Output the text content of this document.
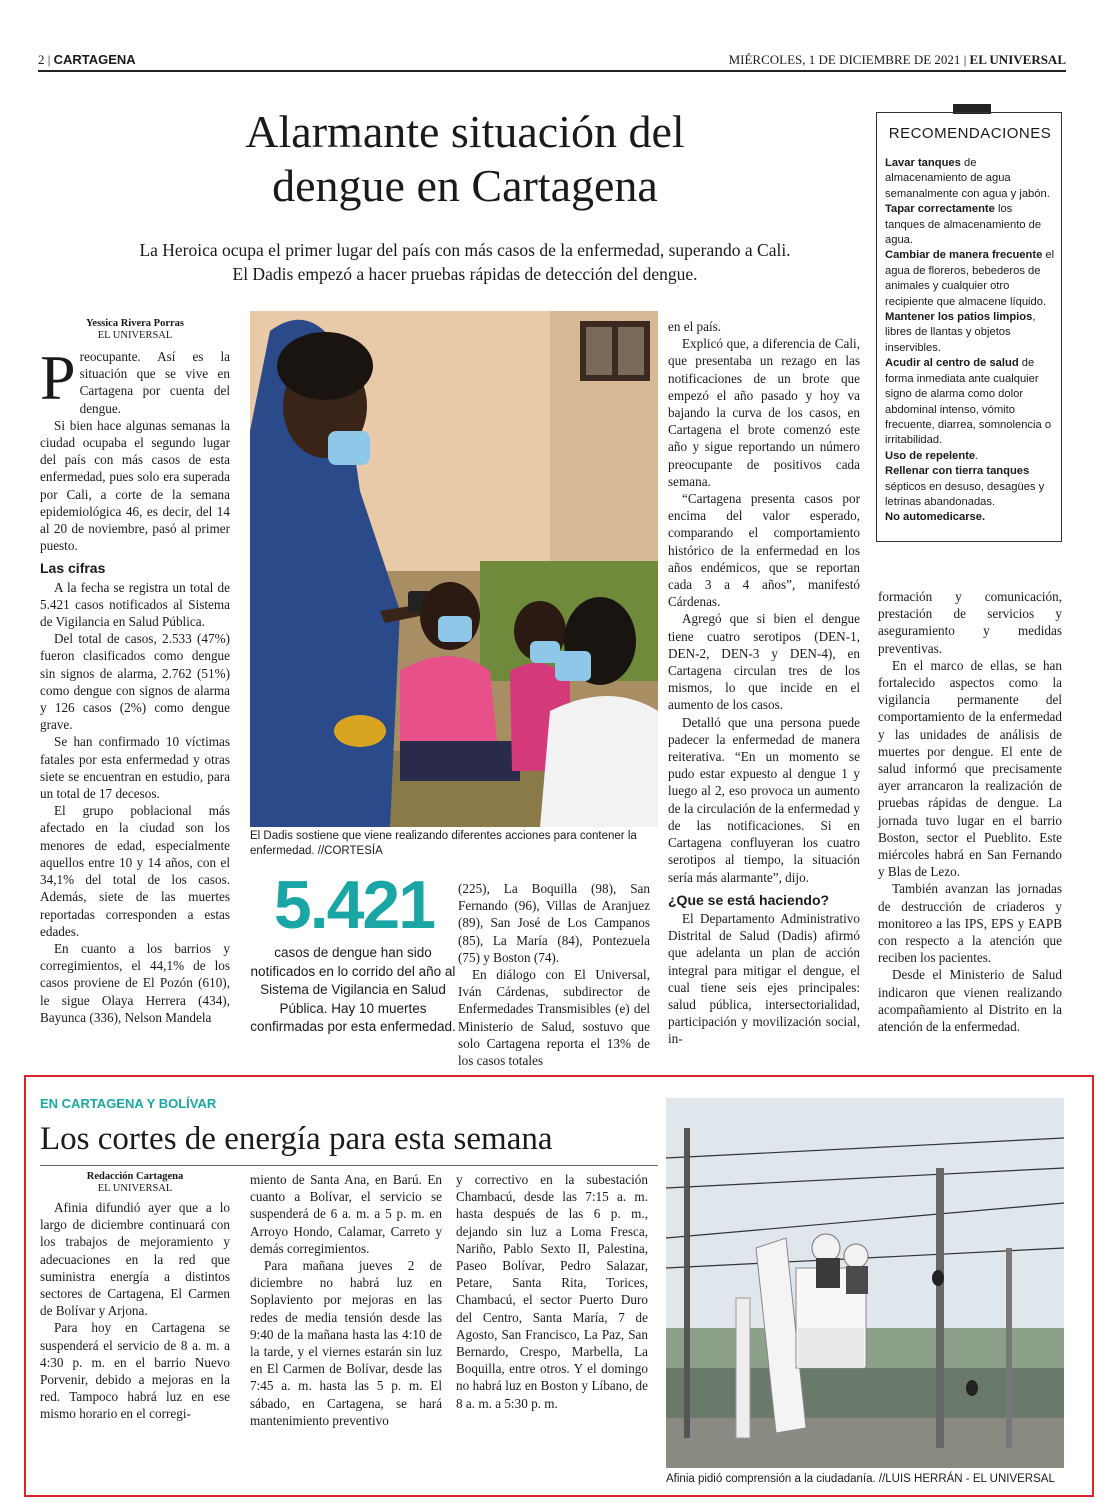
2 | CARTAGENA	MIÉRCOLES, 1 DE DICIEMBRE DE 2021 | EL UNIVERSAL
Alarmante situación del
dengue en Cartagena
La Heroica ocupa el primer lugar del país con más casos de la enfermedad, superando a Cali.
El Dadis empezó a hacer pruebas rápidas de detección del dengue.
Yessica Rivera Porras
EL UNIVERSAL

Preocupante. Así es la situación que se vive en Cartagena por cuenta del dengue.

Si bien hace algunas semanas la ciudad ocupaba el segundo lugar del país con más casos de esta enfermedad, pues solo era superada por Cali, a corte de la semana epidemiológica 46, es decir, del 14 al 20 de noviembre, pasó al primer puesto.

Las cifras

A la fecha se registra un total de 5.421 casos notificados al Sistema de Vigilancia en Salud Pública.

Del total de casos, 2.533 (47%) fueron clasificados como dengue sin signos de alarma, 2.762 (51%) como dengue con signos de alarma y 126 casos (2%) como dengue grave.

Se han confirmado 10 víctimas fatales por esta enfermedad y otras siete se encuentran en estudio, para un total de 17 decesos.

El grupo poblacional más afectado en la ciudad son los menores de edad, especialmente aquellos entre 10 y 14 años, con el 34,1% del total de los casos. Además, siete de las muertes reportadas corresponden a estas edades.

En cuanto a los barrios y corregimientos, el 44,1% de los casos proviene de El Pozón (610), le sigue Olaya Herrera (434), Bayunca (336), Nelson Mandela

El Dadis sostiene que viene realizando diferentes acciones para contener la enfermedad. //CORTESÍA
5.421
casos de dengue han sido notificados en lo corrido del año al Sistema de Vigilancia en Salud Pública. Hay 10 muertes confirmadas por esta enfermedad.

(225), La Boquilla (98), San Fernando (96), Villas de Aranjuez (89), San José de Los Campanos (85), La María (84), Pontezuela (75) y Boston (74).

En diálogo con El Universal, Iván Cárdenas, subdirector de Enfermedades Transmisibles (e) del Ministerio de Salud, sostuvo que solo Cartagena reporta el 13% de los casos totales

en el país.

Explicó que, a diferencia de Cali, que presentaba un rezago en las notificaciones de un brote que empezó el año pasado y hoy va bajando la curva de los casos, en Cartagena el brote comenzó este año y sigue reportando un número preocupante de positivos cada semana.

“Cartagena presenta casos por encima del valor esperado, comparando el comportamiento histórico de la enfermedad en los años endémicos, que se reportan cada 3 a 4 años”, manifestó Cárdenas.

Agregó que si bien el dengue tiene cuatro serotipos (DEN-1, DEN-2, DEN-3 y DEN-4), en Cartagena circulan tres de los mismos, lo que incide en el aumento de los casos.

Detalló que una persona puede padecer la enfermedad de manera reiterativa. “En un momento se pudo estar expuesto al dengue 1 y luego al 2, eso provoca un aumento de la circulación de la enfermedad y de las notificaciones. Si en Cartagena confluyeran los cuatro serotipos al tiempo, la situación sería más alarmante”, dijo.

¿Que se está haciendo?

El Departamento Administrativo Distrital de Salud (Dadis) afirmó que adelanta un plan de acción integral para mitigar el dengue, el cual tiene seis ejes principales: salud pública, intersectorialidad, participación y movilización social, in-

RECOMENDACIONES
Lavar tanques de almacenamiento de agua semanalmente con agua y jabón.
Tapar correctamente los tanques de almacenamiento de agua.
Cambiar de manera frecuente el agua de floreros, bebederos de animales y cualquier otro recipiente que almacene líquido.
Mantener los patios limpios, libres de llantas y objetos inservibles.
Acudir al centro de salud de forma inmediata ante cualquier signo de alarma como dolor abdominal intenso, vómito frecuente, diarrea, somnolencia o irritabilidad.
Uso de repelente.
Rellenar con tierra tanques sépticos en desuso, desagües y letrinas abandonadas.
No automedicarse.

formación y comunicación, prestación de servicios y aseguramiento y medidas preventivas.

En el marco de ellas, se han fortalecido aspectos como la vigilancia permanente del comportamiento de la enfermedad y las unidades de análisis de muertes por dengue. El ente de salud informó que precisamente ayer arrancaron la realización de pruebas rápidas de dengue. La jornada tuvo lugar en el barrio Boston, sector el Pueblito. Este miércoles habrá en San Fernando y Blas de Lezo.

También avanzan las jornadas de destrucción de criaderos y monitoreo a las IPS, EPS y EAPB con respecto a la atención que reciben los pacientes.

Desde el Ministerio de Salud indicaron que vienen realizando acompañamiento al Distrito en la atención de la enfermedad.

EN CARTAGENA Y BOLÍVAR
Los cortes de energía para esta semana
Redacción Cartagena
EL UNIVERSAL

Afinia difundió ayer que a lo largo de diciembre continuará con los trabajos de mejoramiento y adecuaciones en la red que suministra energía a distintos sectores de Cartagena, El Carmen de Bolívar y Arjona.

Para hoy en Cartagena se suspenderá el servicio de 8 a. m. a 4:30 p. m. en el barrio Nuevo Porvenir, debido a mejoras en la red. Tampoco habrá luz en ese mismo horario en el corregi-

miento de Santa Ana, en Barú. En cuanto a Bolívar, el servicio se suspenderá de 6 a. m. a 5 p. m. en Arroyo Hondo, Calamar, Carreto y demás corregimientos.

Para mañana jueves 2 de diciembre no habrá luz en Soplaviento por mejoras en las redes de media tensión desde las 9:40 de la mañana hasta las 4:10 de la tarde, y el viernes estarán sin luz en El Carmen de Bolívar, desde las 7:45 a. m. hasta las 5 p. m. El sábado, en Cartagena, se hará mantenimiento preventivo

y correctivo en la subestación Chambacú, desde las 7:15 a. m. hasta después de las 6 p. m., dejando sin luz a Loma Fresca, Nariño, Pablo Sexto II, Palestina, Paseo Bolívar, Pedro Salazar, Petare, Santa Rita, Torices, Chambacú, el sector Puerto Duro del Centro, Santa María, 7 de Agosto, San Francisco, La Paz, San Bernardo, Crespo, Marbella, La Boquilla, entre otros. Y el domingo no habrá luz en Boston y Líbano, de 8 a. m. a 5:30 p. m.

Afinia pidió comprensión a la ciudadanía. //LUIS HERRÁN - EL UNIVERSAL
